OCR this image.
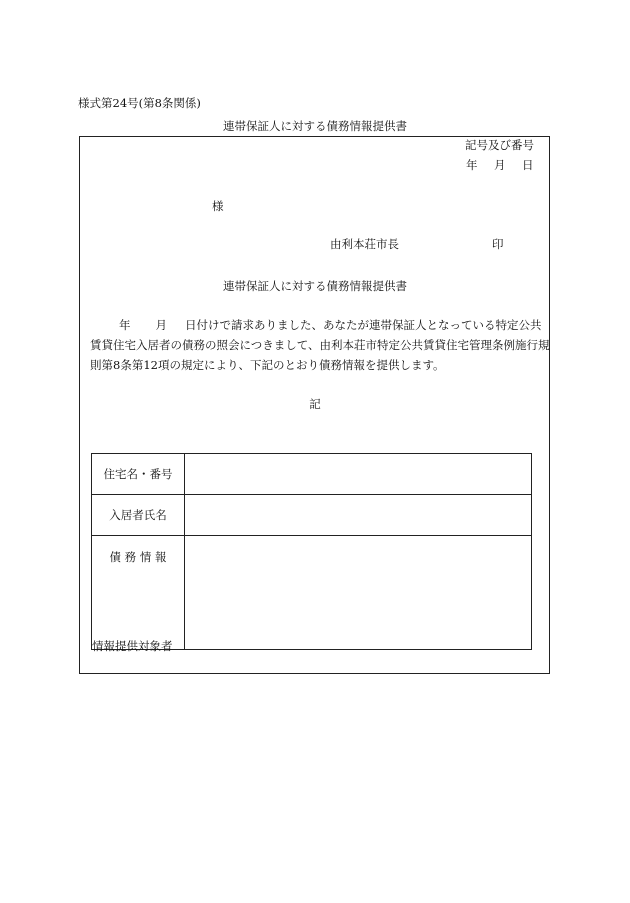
様式第24号(第8条関係)
連帯保証人に対する債務情報提供書
記号及び番号
年 月 日
様
由利本荘市長	印
連帯保証人に対する債務情報提供書
年 月 日付けで請求ありました、あなたが連帯保証人となっている特定公共
賃貸住宅入居者の債務の照会につきまして、由利本荘市特定公共賃貸住宅管理条例施行規
則第8条第12項の規定により、下記のとおり債務情報を提供します。
記
住宅名・番号	
入居者氏名	
債 務 情 報	
情報提供対象者
